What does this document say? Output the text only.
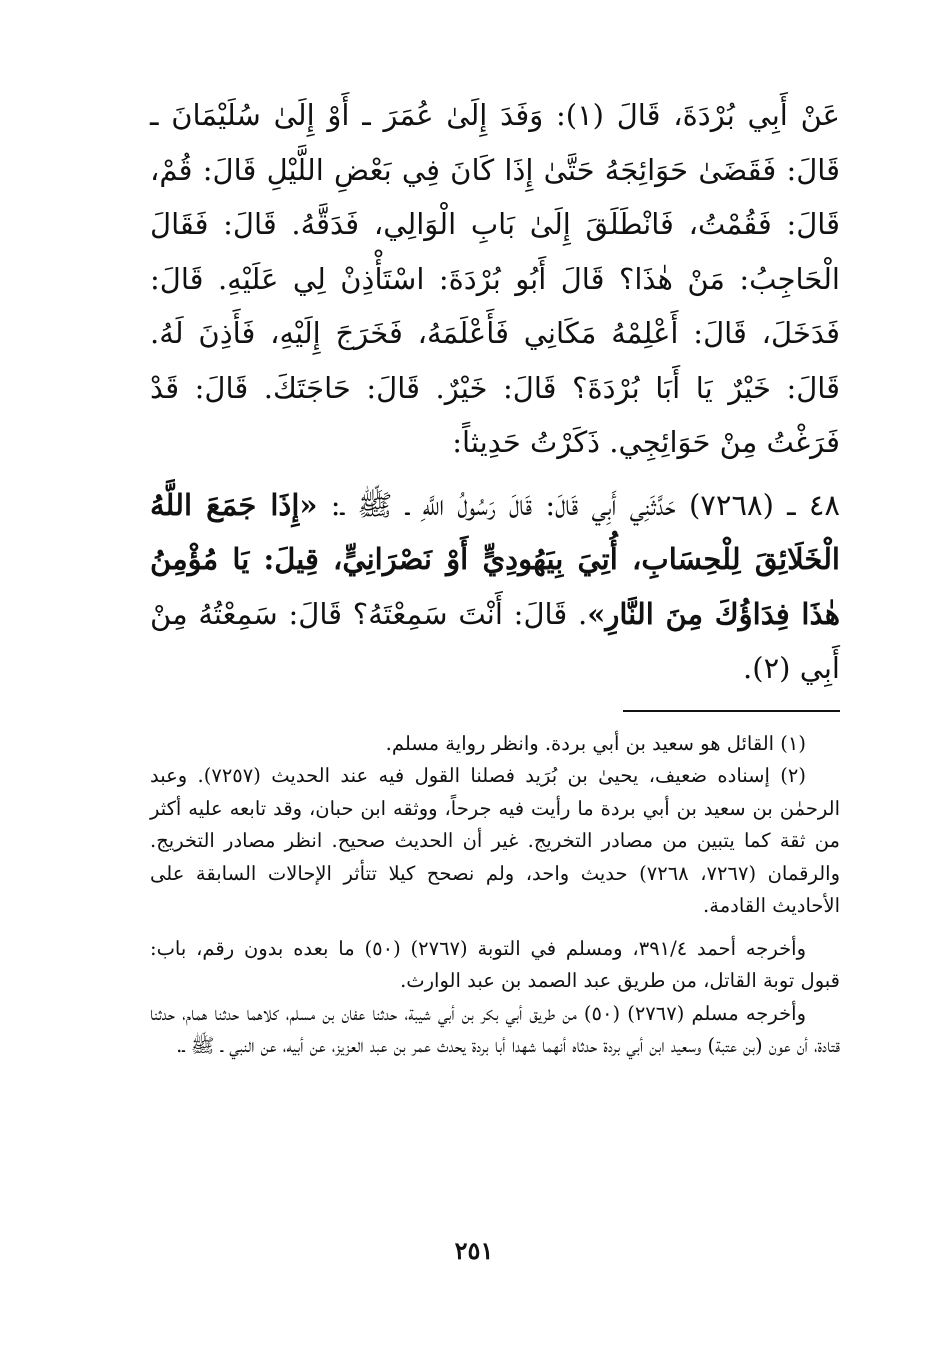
عَنْ أَبِي بُرْدَةَ، قَالَ (١): وَفَدَ إِلَىٰ عُمَرَ ـ أَوْ إِلَىٰ سُلَيْمَانَ ـ قَالَ: فَقَضَىٰ حَوَائِجَهُ حَتَّىٰ إِذَا كَانَ فِي بَعْضِ اللَّيْلِ قَالَ: قُمْ، قَالَ: فَقُمْتُ، فَانْطَلَقَ إِلَىٰ بَابِ الْوَالِي، فَدَقَّهُ. قَالَ: فَقَالَ الْحَاجِبُ: مَنْ هٰذَا؟ قَالَ أَبُو بُرْدَةَ: اسْتَأْذِنْ لِي عَلَيْهِ. قَالَ: فَدَخَلَ، قَالَ: أَعْلِمْهُ مَكَانِي فَأَعْلَمَهُ، فَخَرَجَ إِلَيْهِ، فَأَذِنَ لَهُ. قَالَ: خَيْرٌ يَا أَبَا بُرْدَةَ؟ قَالَ: خَيْرٌ. قَالَ: حَاجَتَكَ. قَالَ: قَدْ فَرَغْتُ مِنْ حَوَائِجِي. ذَكَرْتُ حَدِيثاً:

٤٨ ـ (٧٢٦٨) حَدَّثَنِي أَبِي قَالَ: قَالَ رَسُولُ اللَّهِ ـ ﷺ ـ: «إِذَا جَمَعَ اللَّهُ الْخَلَائِقَ لِلْحِسَابِ، أُتِيَ بِيَهُودِيٍّ أَوْ نَصْرَانِيٍّ، قِيلَ: يَا مُؤْمِنُ هٰذَا فِدَاؤُكَ مِنَ النَّارِ». قَالَ: أَنْتَ سَمِعْتَهُ؟ قَالَ: سَمِعْتُهُ مِنْ أَبِي (٢).

(١) القائل هو سعيد بن أبي بردة. وانظر رواية مسلم.

(٢) إسناده ضعيف، يحيىٰ بن بُرَيد فصلنا القول فيه عند الحديث (٧٢٥٧). وعبد الرحمٰن بن سعيد بن أبي بردة ما رأيت فيه جرحاً، ووثقه ابن حبان، وقد تابعه عليه أكثر من ثقة كما يتبين من مصادر التخريج. غير أن الحديث صحيح. انظر مصادر التخريج. والرقمان (٧٢٦٧، ٧٢٦٨) حديث واحد، ولم نصحح كيلا تتأثر الإحالات السابقة على الأحاديث القادمة.

وأخرجه أحمد ٣٩١/٤، ومسلم في التوبة (٢٧٦٧) (٥٠) ما بعده بدون رقم، باب: قبول توبة القاتل، من طريق عبد الصمد بن عبد الوارث.

وأخرجه مسلم (٢٧٦٧) (٥٠) من طريق أبي بكر بن أبي شيبة، حدثنا عفان بن مسلم، كلاهما حدثنا همام، حدثنا قتادة، أن عون (بن عتبة) وسعيد ابن أبي بردة حدثاه أنهما شهدا أبا بردة يحدث عمر بن عبد العزيز، عن أبيه، عن النبي ـ ﷺ ـ.

٢٥١
